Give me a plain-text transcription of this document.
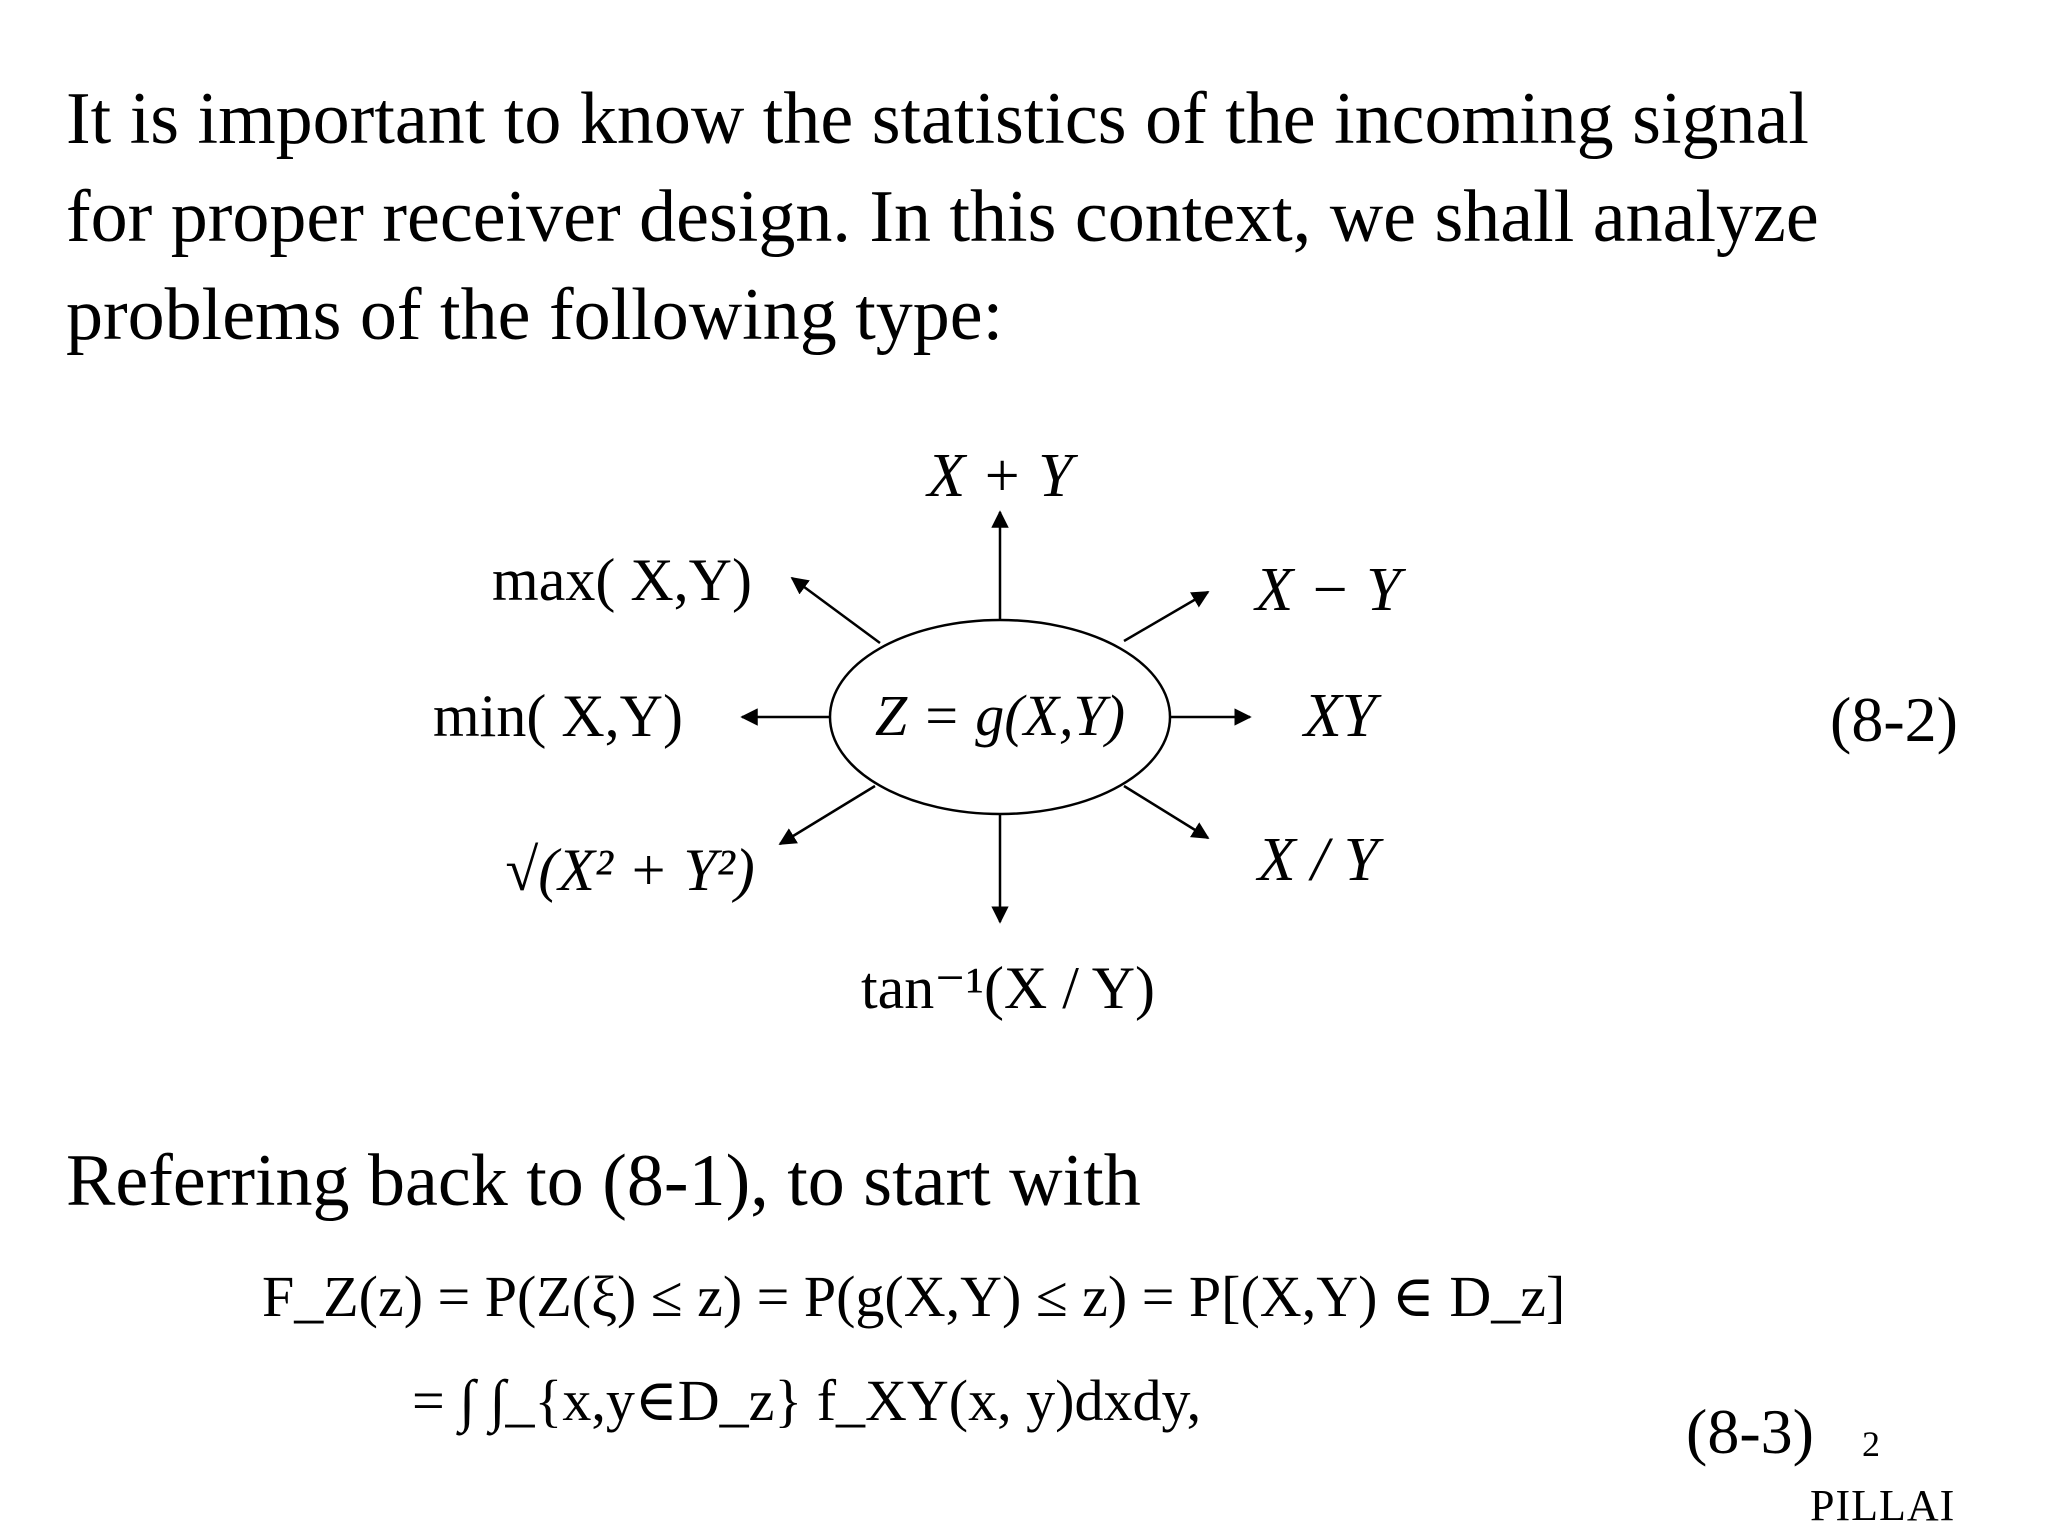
It is important to know the statistics of the incoming signal
for proper receiver design. In this context, we shall analyze
problems of the following type:
Z = g(X,Y)
X + Y
X − Y
XY
X / Y
tan⁻¹(X / Y)
√(X² + Y²)
min( X,Y)
max( X,Y)
(8-2)
Referring back to (8-1), to start with
F_Z(z) = P(Z(ξ) ≤ z) = P(g(X,Y) ≤ z) = P[(X,Y) ∈ D_z]
= ∫ ∫_{x,y∈D_z} f_XY(x, y)dxdy,	(8-3) 2
PILLAI
